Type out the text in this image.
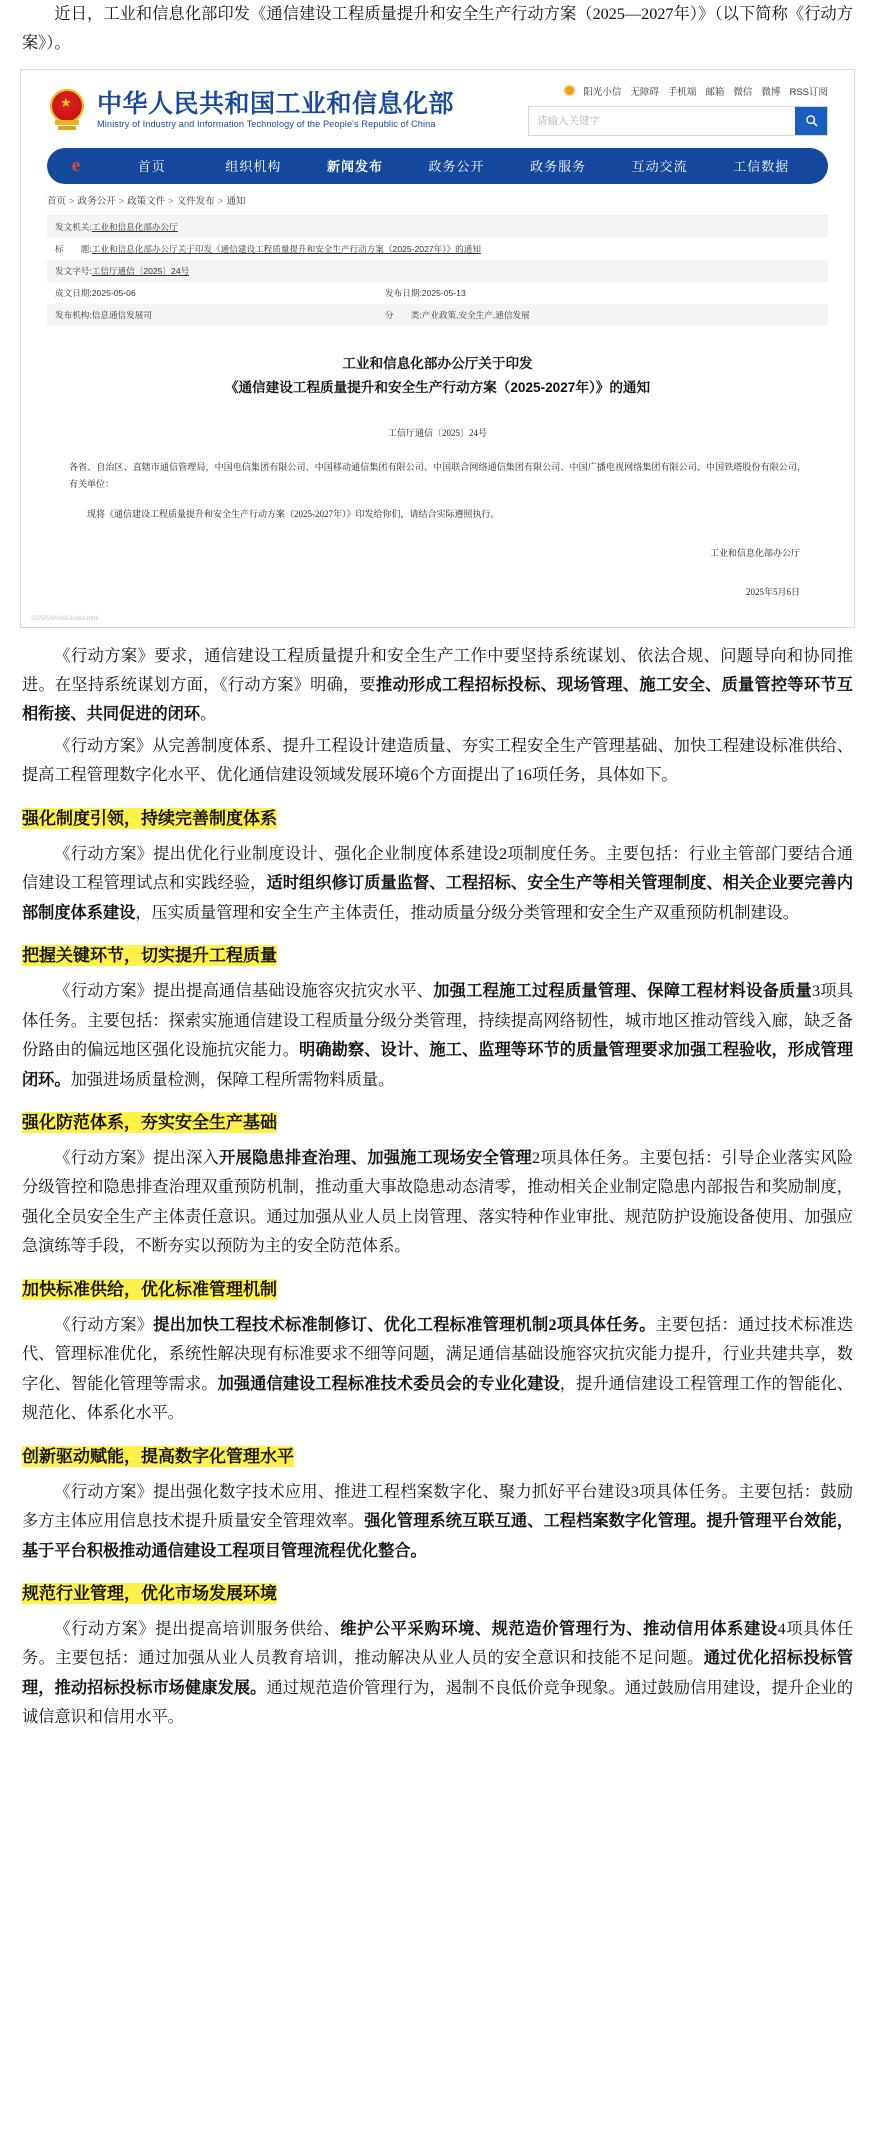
近日，工业和信息化部印发《通信建设工程质量提升和安全生产行动方案（2025—2027年）》（以下简称《行动方案》）。

★ 中华人民共和国工业和信息化部
Ministry of Industry and Information Technology of the People's Republic of China
阳光小信 无障碍 手机端 邮箱 微信 微博 RSS订阅
请输入关键字
e	首页	组织机构	新闻发布	政务公开	政务服务	互动交流	工信数据
首页 > 政务公开 > 政策文件 > 文件发布 > 通知
发文机关: 工业和信息化部办公厅
标　　题: 工业和信息化部办公厅关于印发《通信建设工程质量提升和安全生产行动方案（2025-2027年）》的通知
发文字号: 工信厅通信〔2025〕24号
成文日期: 2025-05-06	发布日期: 2025-05-13
发布机构: 信息通信发展司	分　　类: 产业政策,安全生产,通信发展
工业和信息化部办公厅关于印发
《通信建设工程质量提升和安全生产行动方案（2025-2027年）》的通知
工信厅通信〔2025〕24号

各省、自治区、直辖市通信管理局，中国电信集团有限公司、中国移动通信集团有限公司、中国联合网络通信集团有限公司、中国广播电视网络集团有限公司、中国铁塔股份有限公司，有关单位：

现将《通信建设工程质量提升和安全生产行动方案（2025-2027年）》印发给你们，请结合实际遵照执行。

工业和信息化部办公厅
2025年5月6日
2025/5/8/n881/index.html

《行动方案》要求，通信建设工程质量提升和安全生产工作中要坚持系统谋划、依法合规、问题导向和协同推进。在坚持系统谋划方面，《行动方案》明确，要推动形成工程招标投标、现场管理、施工安全、质量管控等环节互相衔接、共同促进的闭环。

《行动方案》从完善制度体系、提升工程设计建造质量、夯实工程安全生产管理基础、加快工程建设标准供给、提高工程管理数字化水平、优化通信建设领域发展环境6个方面提出了16项任务，具体如下。

强化制度引领，持续完善制度体系

《行动方案》提出优化行业制度设计、强化企业制度体系建设2项制度任务。主要包括：行业主管部门要结合通信建设工程管理试点和实践经验，适时组织修订质量监督、工程招标、安全生产等相关管理制度、相关企业要完善内部制度体系建设，压实质量管理和安全生产主体责任，推动质量分级分类管理和安全生产双重预防机制建设。

把握关键环节，切实提升工程质量

《行动方案》提出提高通信基础设施容灾抗灾水平、加强工程施工过程质量管理、保障工程材料设备质量3项具体任务。主要包括：探索实施通信建设工程质量分级分类管理，持续提高网络韧性，城市地区推动管线入廊，缺乏备份路由的偏远地区强化设施抗灾能力。明确勘察、设计、施工、监理等环节的质量管理要求加强工程验收，形成管理闭环。加强进场质量检测，保障工程所需物料质量。

强化防范体系，夯实安全生产基础

《行动方案》提出深入开展隐患排查治理、加强施工现场安全管理2项具体任务。主要包括：引导企业落实风险分级管控和隐患排查治理双重预防机制，推动重大事故隐患动态清零，推动相关企业制定隐患内部报告和奖励制度，强化全员安全生产主体责任意识。通过加强从业人员上岗管理、落实特种作业审批、规范防护设施设备使用、加强应急演练等手段，不断夯实以预防为主的安全防范体系。

加快标准供给，优化标准管理机制

《行动方案》提出加快工程技术标准制修订、优化工程标准管理机制2项具体任务。主要包括：通过技术标准迭代、管理标准优化，系统性解决现有标准要求不细等问题，满足通信基础设施容灾抗灾能力提升，行业共建共享，数字化、智能化管理等需求。加强通信建设工程标准技术委员会的专业化建设，提升通信建设工程管理工作的智能化、规范化、体系化水平。

创新驱动赋能，提高数字化管理水平

《行动方案》提出强化数字技术应用、推进工程档案数字化、聚力抓好平台建设3项具体任务。主要包括：鼓励多方主体应用信息技术提升质量安全管理效率。强化管理系统互联互通、工程档案数字化管理。提升管理平台效能，基于平台积极推动通信建设工程项目管理流程优化整合。

规范行业管理，优化市场发展环境

《行动方案》提出提高培训服务供给、维护公平采购环境、规范造价管理行为、推动信用体系建设4项具体任务。主要包括：通过加强从业人员教育培训，推动解决从业人员的安全意识和技能不足问题。通过优化招标投标管理，推动招标投标市场健康发展。通过规范造价管理行为，遏制不良低价竞争现象。通过鼓励信用建设，提升企业的诚信意识和信用水平。
